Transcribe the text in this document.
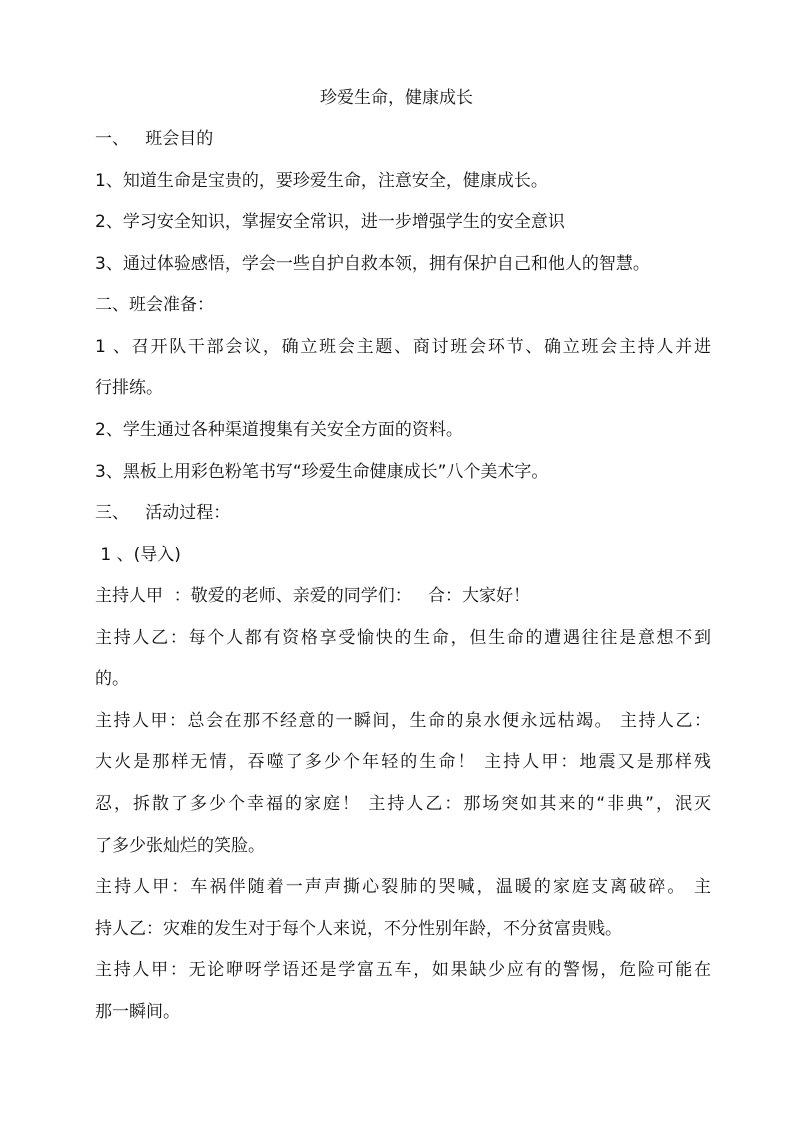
珍爱生命，健康成长
一、   班会目的
1、知道生命是宝贵的，要珍爱生命，注意安全，健康成长。
2、学习安全知识，掌握安全常识，进一步增强学生的安全意识
3、通过体验感悟，学会一些自护自救本领，拥有保护自己和他人的智慧。
二、班会准备：
1 、召开队干部会议，确立班会主题、商讨班会环节、确立班会主持人并进
行排练。
2、学生通过各种渠道搜集有关安全方面的资料。
3、黑板上用彩色粉笔书写“珍爱生命健康成长”八个美术字。
三、   活动过程：
1 、(导入)
主持人甲  ：敬爱的老师、亲爱的同学们：   合：大家好！
主持人乙：每个人都有资格享受愉快的生命，但生命的遭遇往往是意想不到
的。
主持人甲：总会在那不经意的一瞬间，生命的泉水便永远枯竭。 主持人乙：
大火是那样无情，吞噬了多少个年轻的生命！ 主持人甲：地震又是那样残
忍，拆散了多少个幸福的家庭！ 主持人乙：那场突如其来的“非典”，泯灭
了多少张灿烂的笑脸。
主持人甲：车祸伴随着一声声撕心裂肺的哭喊，温暖的家庭支离破碎。 主
持人乙：灾难的发生对于每个人来说，不分性别年龄，不分贫富贵贱。
主持人甲：无论咿呀学语还是学富五车，如果缺少应有的警惕，危险可能在
那一瞬间。
